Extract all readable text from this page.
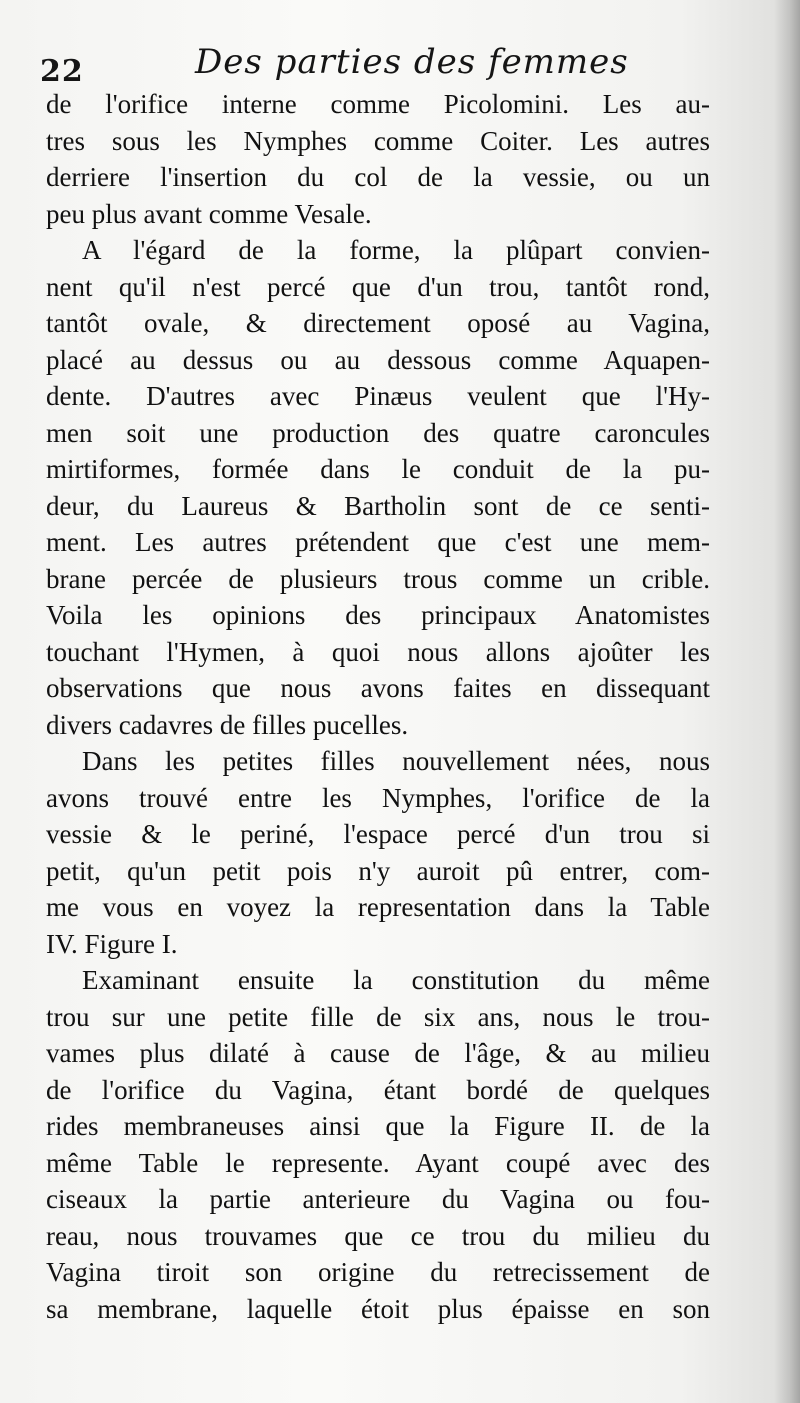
22	Des parties des femmes
de l'orifice interne comme Picolomini. Les au-
tres sous les Nymphes comme Coiter. Les autres
derriere l'insertion du col de la vessie, ou un
peu plus avant comme Vesale.
A l'égard de la forme, la plûpart convien-
nent qu'il n'est percé que d'un trou, tantôt rond,
tantôt ovale, & directement oposé au Vagina,
placé au dessus ou au dessous comme Aquapen-
dente. D'autres avec Pinæus veulent que l'Hy-
men soit une production des quatre caroncules
mirtiformes, formée dans le conduit de la pu-
deur, du Laureus & Bartholin sont de ce senti-
ment. Les autres prétendent que c'est une mem-
brane percée de plusieurs trous comme un crible.
Voila les opinions des principaux Anatomistes
touchant l'Hymen, à quoi nous allons ajoûter les
observations que nous avons faites en dissequant
divers cadavres de filles pucelles.
Dans les petites filles nouvellement nées, nous
avons trouvé entre les Nymphes, l'orifice de la
vessie & le periné, l'espace percé d'un trou si
petit, qu'un petit pois n'y auroit pû entrer, com-
me vous en voyez la representation dans la Table
IV. Figure I.
Examinant ensuite la constitution du même
trou sur une petite fille de six ans, nous le trou-
vames plus dilaté à cause de l'âge, & au milieu
de l'orifice du Vagina, étant bordé de quelques
rides membraneuses ainsi que la Figure II. de la
même Table le represente. Ayant coupé avec des
ciseaux la partie anterieure du Vagina ou fou-
reau, nous trouvames que ce trou du milieu du
Vagina tiroit son origine du retrecissement de
sa membrane, laquelle étoit plus épaisse en son
